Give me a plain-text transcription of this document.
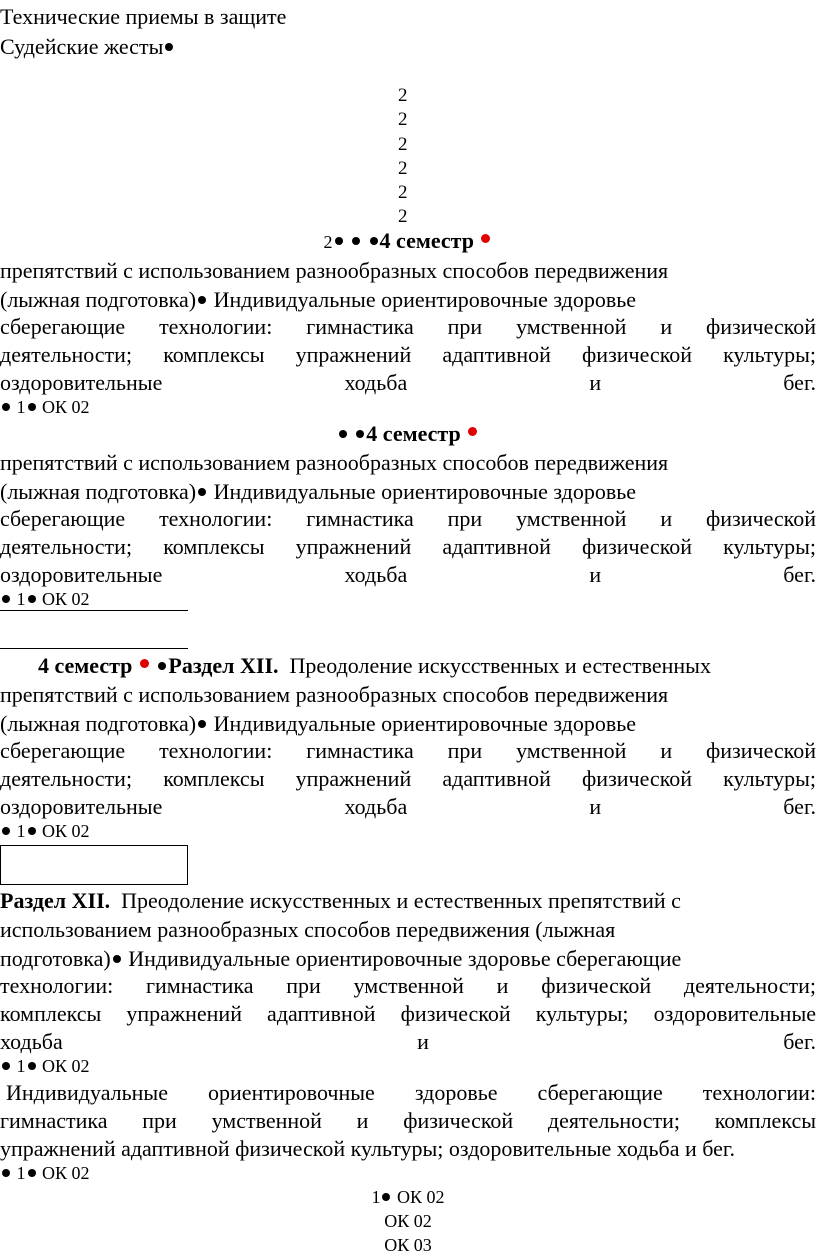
Технические приемы в защите
Судейские жесты
2
2
2
2
2
2
2 4 семестр
препятствий с использованием разнообразных способов передвижения
(лыжная подготовка) Индивидуальные ориентировочные здоровье
сберегающие технологии: гимнастика при умственной и физической
деятельности; комплексы упражнений адаптивной физической культуры;
оздоровительные ходьба и бег.
1 ОК 02
4 семестр
препятствий с использованием разнообразных способов передвижения
(лыжная подготовка) Индивидуальные ориентировочные здоровье
сберегающие технологии: гимнастика при умственной и физической
деятельности; комплексы упражнений адаптивной физической культуры;
оздоровительные ходьба и бег.
1 ОК 02
4 семестр Раздел XII. Преодоление искусственных и естественных
препятствий с использованием разнообразных способов передвижения
(лыжная подготовка) Индивидуальные ориентировочные здоровье
сберегающие технологии: гимнастика при умственной и физической
деятельности; комплексы упражнений адаптивной физической культуры;
оздоровительные ходьба и бег.
1 ОК 02
Раздел XII. Преодоление искусственных и естественных препятствий с
использованием разнообразных способов передвижения (лыжная
подготовка) Индивидуальные ориентировочные здоровье сберегающие
технологии: гимнастика при умственной и физической деятельности;
комплексы упражнений адаптивной физической культуры; оздоровительные
ходьба и бег.
1 ОК 02
Индивидуальные ориентировочные здоровье сберегающие технологии:
гимнастика при умственной и физической деятельности; комплексы
упражнений адаптивной физической культуры; оздоровительные ходьба и бег.
1 ОК 02
1 ОК 02
ОК 02
ОК 03
